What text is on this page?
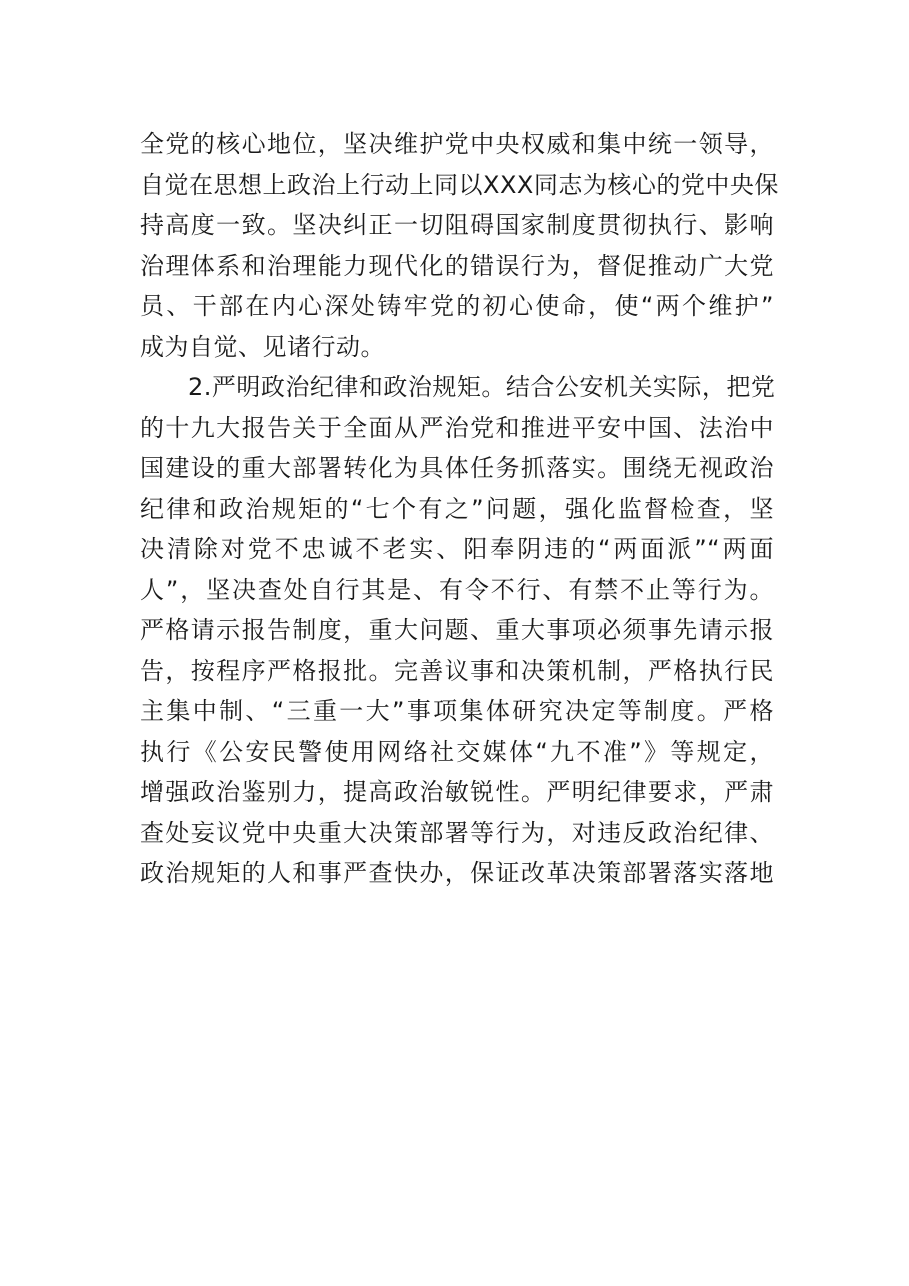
全党的核心地位，坚决维护党中央权威和集中统一领导，
自觉在思想上政治上行动上同以XXX同志为核心的党中央保
持高度一致。坚决纠正一切阻碍国家制度贯彻执行、影响
治理体系和治理能力现代化的错误行为，督促推动广大党
员、干部在内心深处铸牢党的初心使命，使“两个维护”
成为自觉、见诸行动。
2.严明政治纪律和政治规矩。结合公安机关实际，把党
的十九大报告关于全面从严治党和推进平安中国、法治中
国建设的重大部署转化为具体任务抓落实。围绕无视政治
纪律和政治规矩的“七个有之”问题，强化监督检查，坚
决清除对党不忠诚不老实、阳奉阴违的“两面派”“两面
人”，坚决查处自行其是、有令不行、有禁不止等行为。
严格请示报告制度，重大问题、重大事项必须事先请示报
告，按程序严格报批。完善议事和决策机制，严格执行民
主集中制、“三重一大”事项集体研究决定等制度。严格
执行《公安民警使用网络社交媒体“九不准”》等规定，
增强政治鉴别力，提高政治敏锐性。严明纪律要求，严肃
查处妄议党中央重大决策部署等行为，对违反政治纪律、
政治规矩的人和事严查快办，保证改革决策部署落实落地
